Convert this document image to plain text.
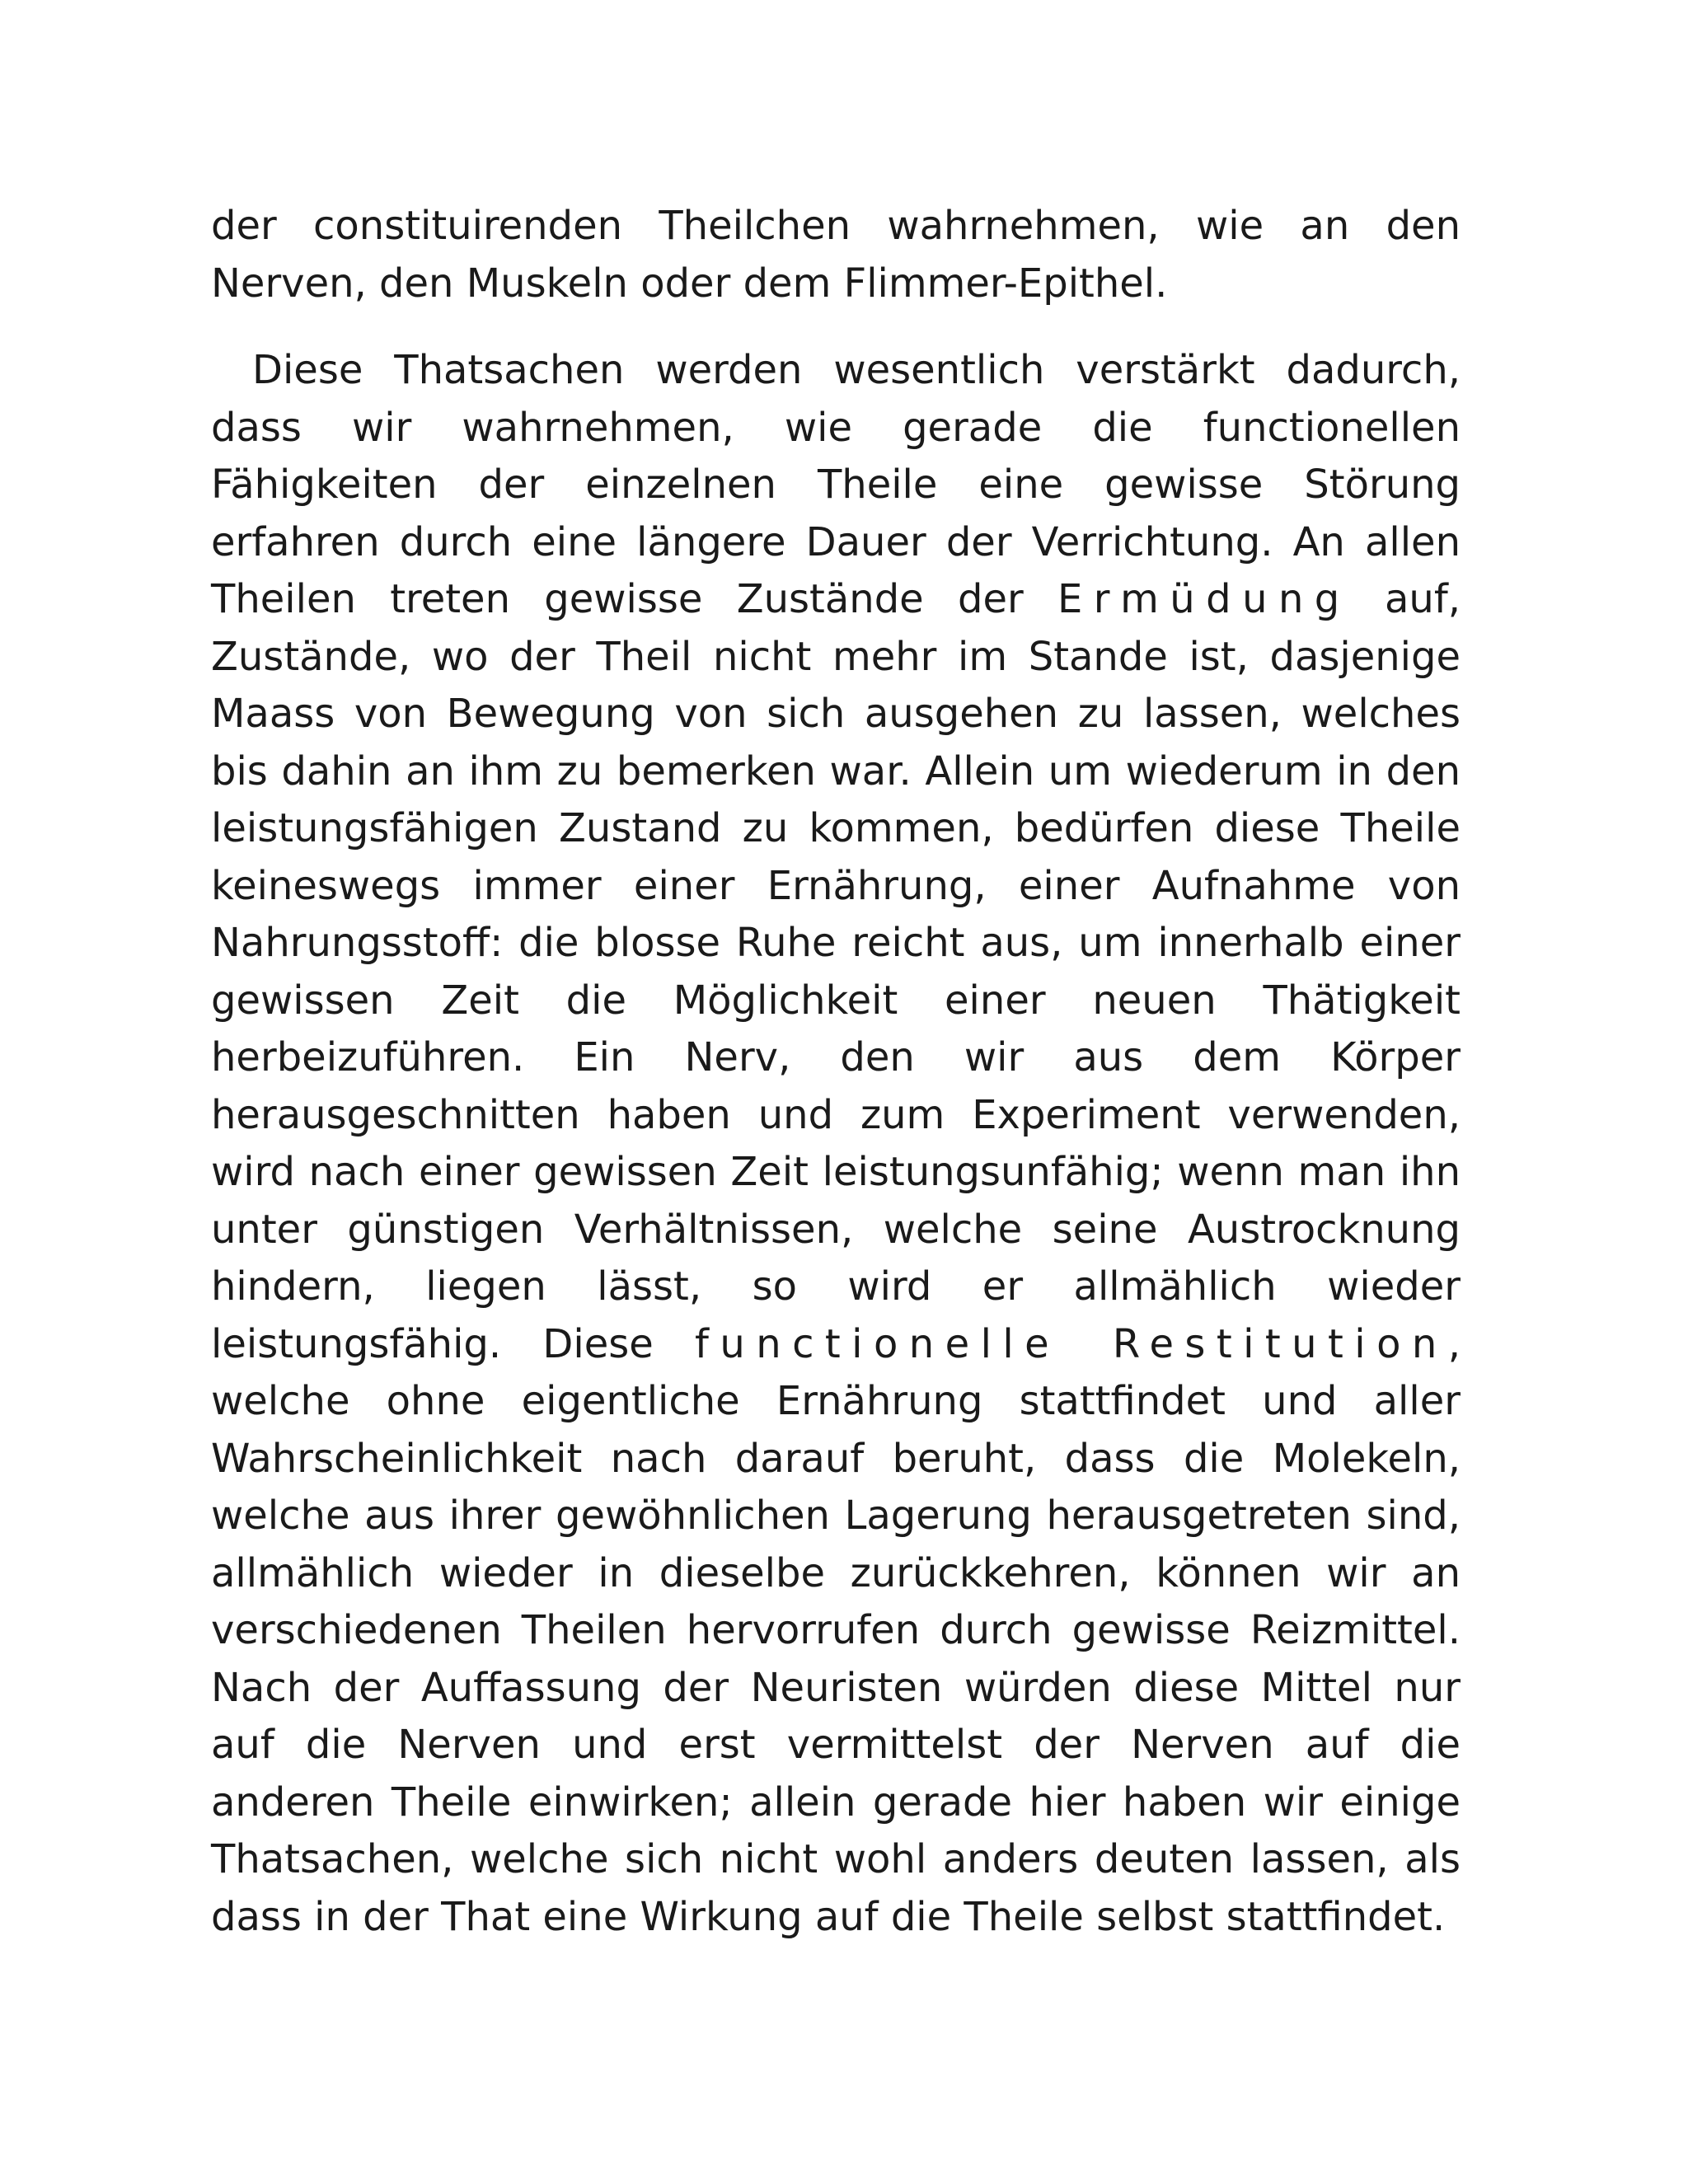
der constituirenden Theilchen wahrnehmen, wie an den Nerven, den Muskeln oder dem Flimmer-Epithel.

Diese Thatsachen werden wesentlich verstärkt dadurch, dass wir wahrnehmen, wie gerade die functionellen Fähigkeiten der einzelnen Theile eine gewisse Störung erfahren durch eine längere Dauer der Verrichtung. An allen Theilen treten gewisse Zustände der Ermüdung auf, Zustände, wo der Theil nicht mehr im Stande ist, dasjenige Maass von Bewegung von sich ausgehen zu lassen, welches bis dahin an ihm zu bemerken war. Allein um wiederum in den leistungsfähigen Zustand zu kommen, bedürfen diese Theile keineswegs immer einer Ernährung, einer Aufnahme von Nahrungsstoff: die blosse Ruhe reicht aus, um innerhalb einer gewissen Zeit die Möglichkeit einer neuen Thätigkeit herbeizuführen. Ein Nerv, den wir aus dem Körper herausgeschnitten haben und zum Experiment verwenden, wird nach einer gewissen Zeit leistungsunfähig; wenn man ihn unter günstigen Verhältnissen, welche seine Austrocknung hindern, liegen lässt, so wird er allmählich wieder leistungsfähig. Diese functionelle Restitution, welche ohne eigentliche Ernährung stattfindet und aller Wahrscheinlichkeit nach darauf beruht, dass die Molekeln, welche aus ihrer gewöhnlichen Lagerung herausgetreten sind, allmählich wieder in dieselbe zurückkehren, können wir an verschiedenen Theilen hervorrufen durch gewisse Reizmittel. Nach der Auffassung der Neuristen würden diese Mittel nur auf die Nerven und erst vermittelst der Nerven auf die anderen Theile einwirken; allein gerade hier haben wir einige Thatsachen, welche sich nicht wohl anders deuten lassen, als dass in der That eine Wirkung auf die Theile selbst stattfindet.
